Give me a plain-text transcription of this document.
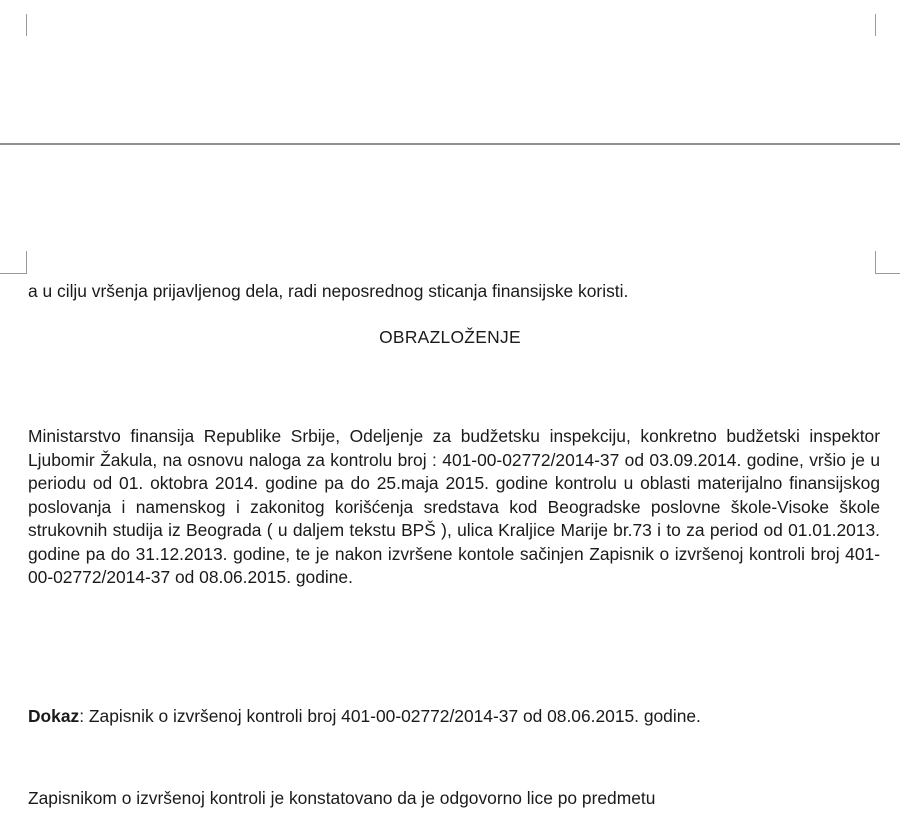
a u cilju vršenja prijavljenog dela, radi neposrednog sticanja finansijske koristi.
OBRAZLOŽENJE
Ministarstvo finansija Republike Srbije, Odeljenje za budžetsku inspekciju, konkretno budžetski inspektor Ljubomir Žakula, na osnovu naloga za kontrolu broj : 401-00-02772/2014-37 od 03.09.2014. godine, vršio je u periodu od 01. oktobra 2014. godine pa do 25.maja 2015. godine kontrolu u oblasti materijalno finansijskog poslovanja i namenskog i zakonitog korišćenja sredstava kod Beogradske poslovne škole-Visoke škole strukovnih studija iz Beograda ( u daljem tekstu BPŠ ), ulica Kraljice Marije br.73 i to za period od 01.01.2013. godine pa do 31.12.2013. godine, te je nakon izvršene kontole sačinjen Zapisnik o izvršenoj kontroli broj 401-00-02772/2014-37 od 08.06.2015. godine.
Dokaz: Zapisnik o izvršenoj kontroli broj 401-00-02772/2014-37 od 08.06.2015. godine.
Zapisnikom o izvršenoj kontroli je konstatovano da je odgovorno lice po predmetu
